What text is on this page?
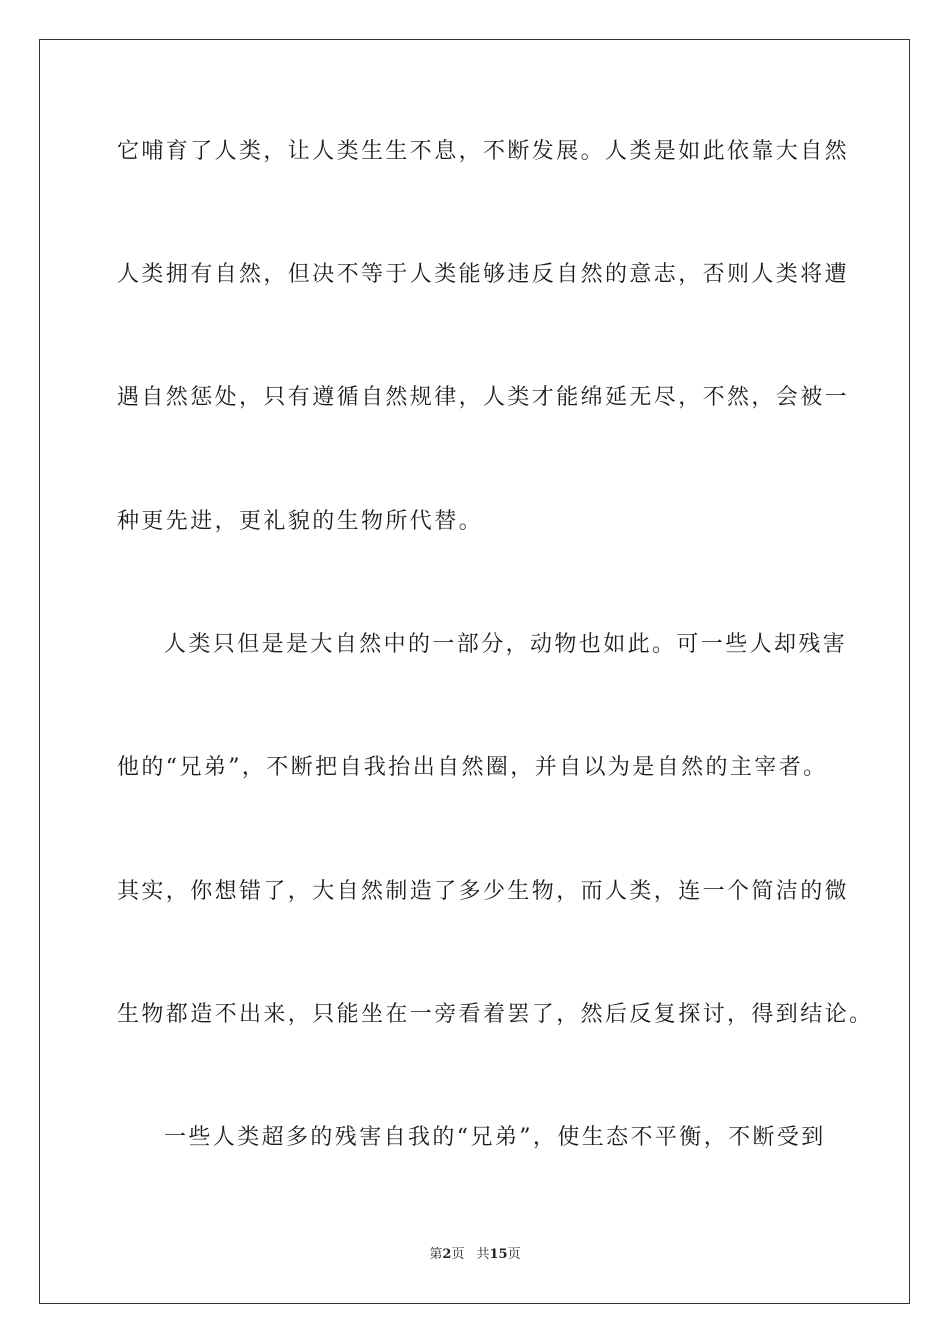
它哺育了人类，让人类生生不息，不断发展。人类是如此依靠大自然
人类拥有自然，但决不等于人类能够违反自然的意志，否则人类将遭
遇自然惩处，只有遵循自然规律，人类才能绵延无尽，不然，会被一
种更先进，更礼貌的生物所代替。
人类只但是是大自然中的一部分，动物也如此。可一些人却残害
他的“兄弟”，不断把自我抬出自然圈，并自以为是自然的主宰者。
其实，你想错了，大自然制造了多少生物，而人类，连一个简洁的微
生物都造不出来，只能坐在一旁看着罢了，然后反复探讨，得到结论。
一些人类超多的残害自我的“兄弟”，使生态不平衡，不断受到
第2页 共15页
